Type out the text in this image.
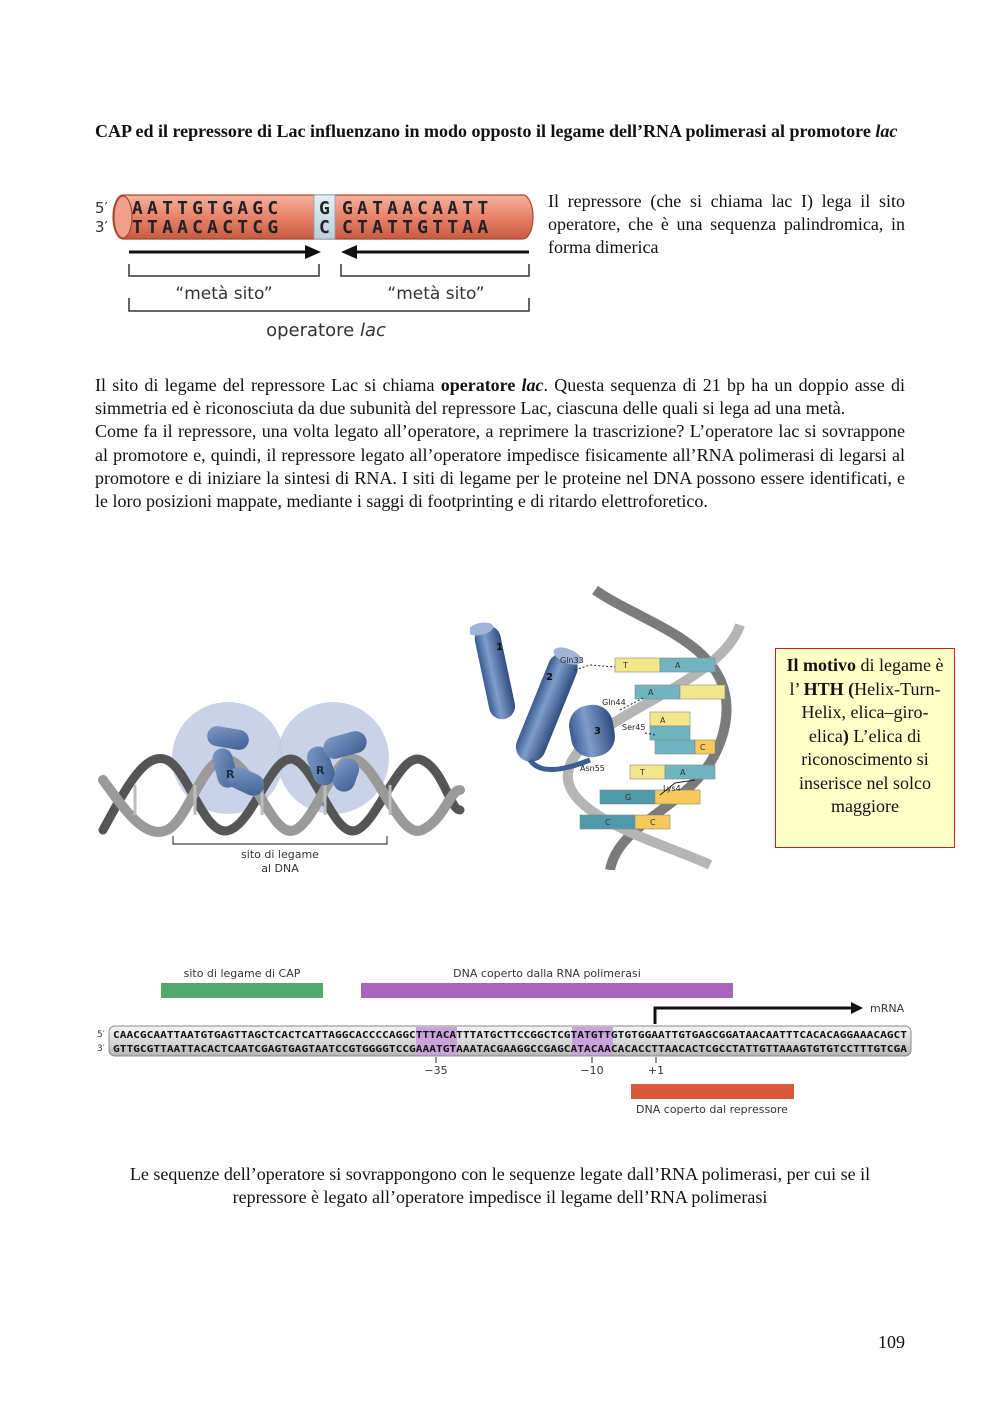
CAP ed il repressore di Lac influenzano in modo opposto il legame dell’RNA polimerasi al promotore lac
5′
3′
AATTGTGAGC G GATAACAATT
TTAACACTCG C CTATTGTTAA
“metà sito”	“metà sito”
operatore lac
Il repressore (che si chiama lac I) lega il sito operatore, che è una sequenza palindromica, in forma dimerica
Il sito di legame del repressore Lac si chiama operatore lac. Questa sequenza di 21 bp ha un doppio asse di simmetria ed è riconosciuta da due subunità del repressore Lac, ciascuna delle quali si lega ad una metà.
Come fa il repressore, una volta legato all’operatore, a reprimere la trascrizione? L’operatore lac si sovrappone al promotore e, quindi, il repressore legato all’operatore impedisce fisicamente all’RNA polimerasi di legarsi al promotore e di iniziare la sintesi di RNA. I siti di legame per le proteine nel DNA possono essere identificati, e le loro posizioni mappate, mediante i saggi di footprinting e di ritardo elettroforetico.
R	R
sito di legame
al DNA
T	A
A
A
C
T	A
G
C	C
1
2
3
Gln33
Gln44
Ser45
Asn55
Lys4
Il motivo di legame è l’ HTH (Helix-Turn-Helix, elica–giro-elica) L’elica di riconoscimento si inserisce nel solco maggiore
sito di legame di CAP	DNA coperto dalla RNA polimerasi
mRNA
5′
3′
CAACGCAATTAATGTGAGTTAGCTCACTCATTAGGCACCCCAGGC	TTTACA TTTATGCTTCCGGCTCG TATGTT GTGTGGAATTGTGAGCGGATAACAATTTCACACAGGAAACAGCT
GTTGCGTTAATTACACTCAATCGAGTGAGTAATCCGTGGGGTCCG	AAATGT AAATACGAAGGCCGAGC ATACAA CACACCTTAACACTCGCCTATTGTTAAAGTGTGTCCTTTGTCGA
−35	−10	+1
DNA coperto dal repressore
Le sequenze dell’operatore si sovrappongono con le sequenze legate dall’RNA polimerasi, per cui se il repressore è legato all’operatore impedisce il legame dell’RNA polimerasi
109
